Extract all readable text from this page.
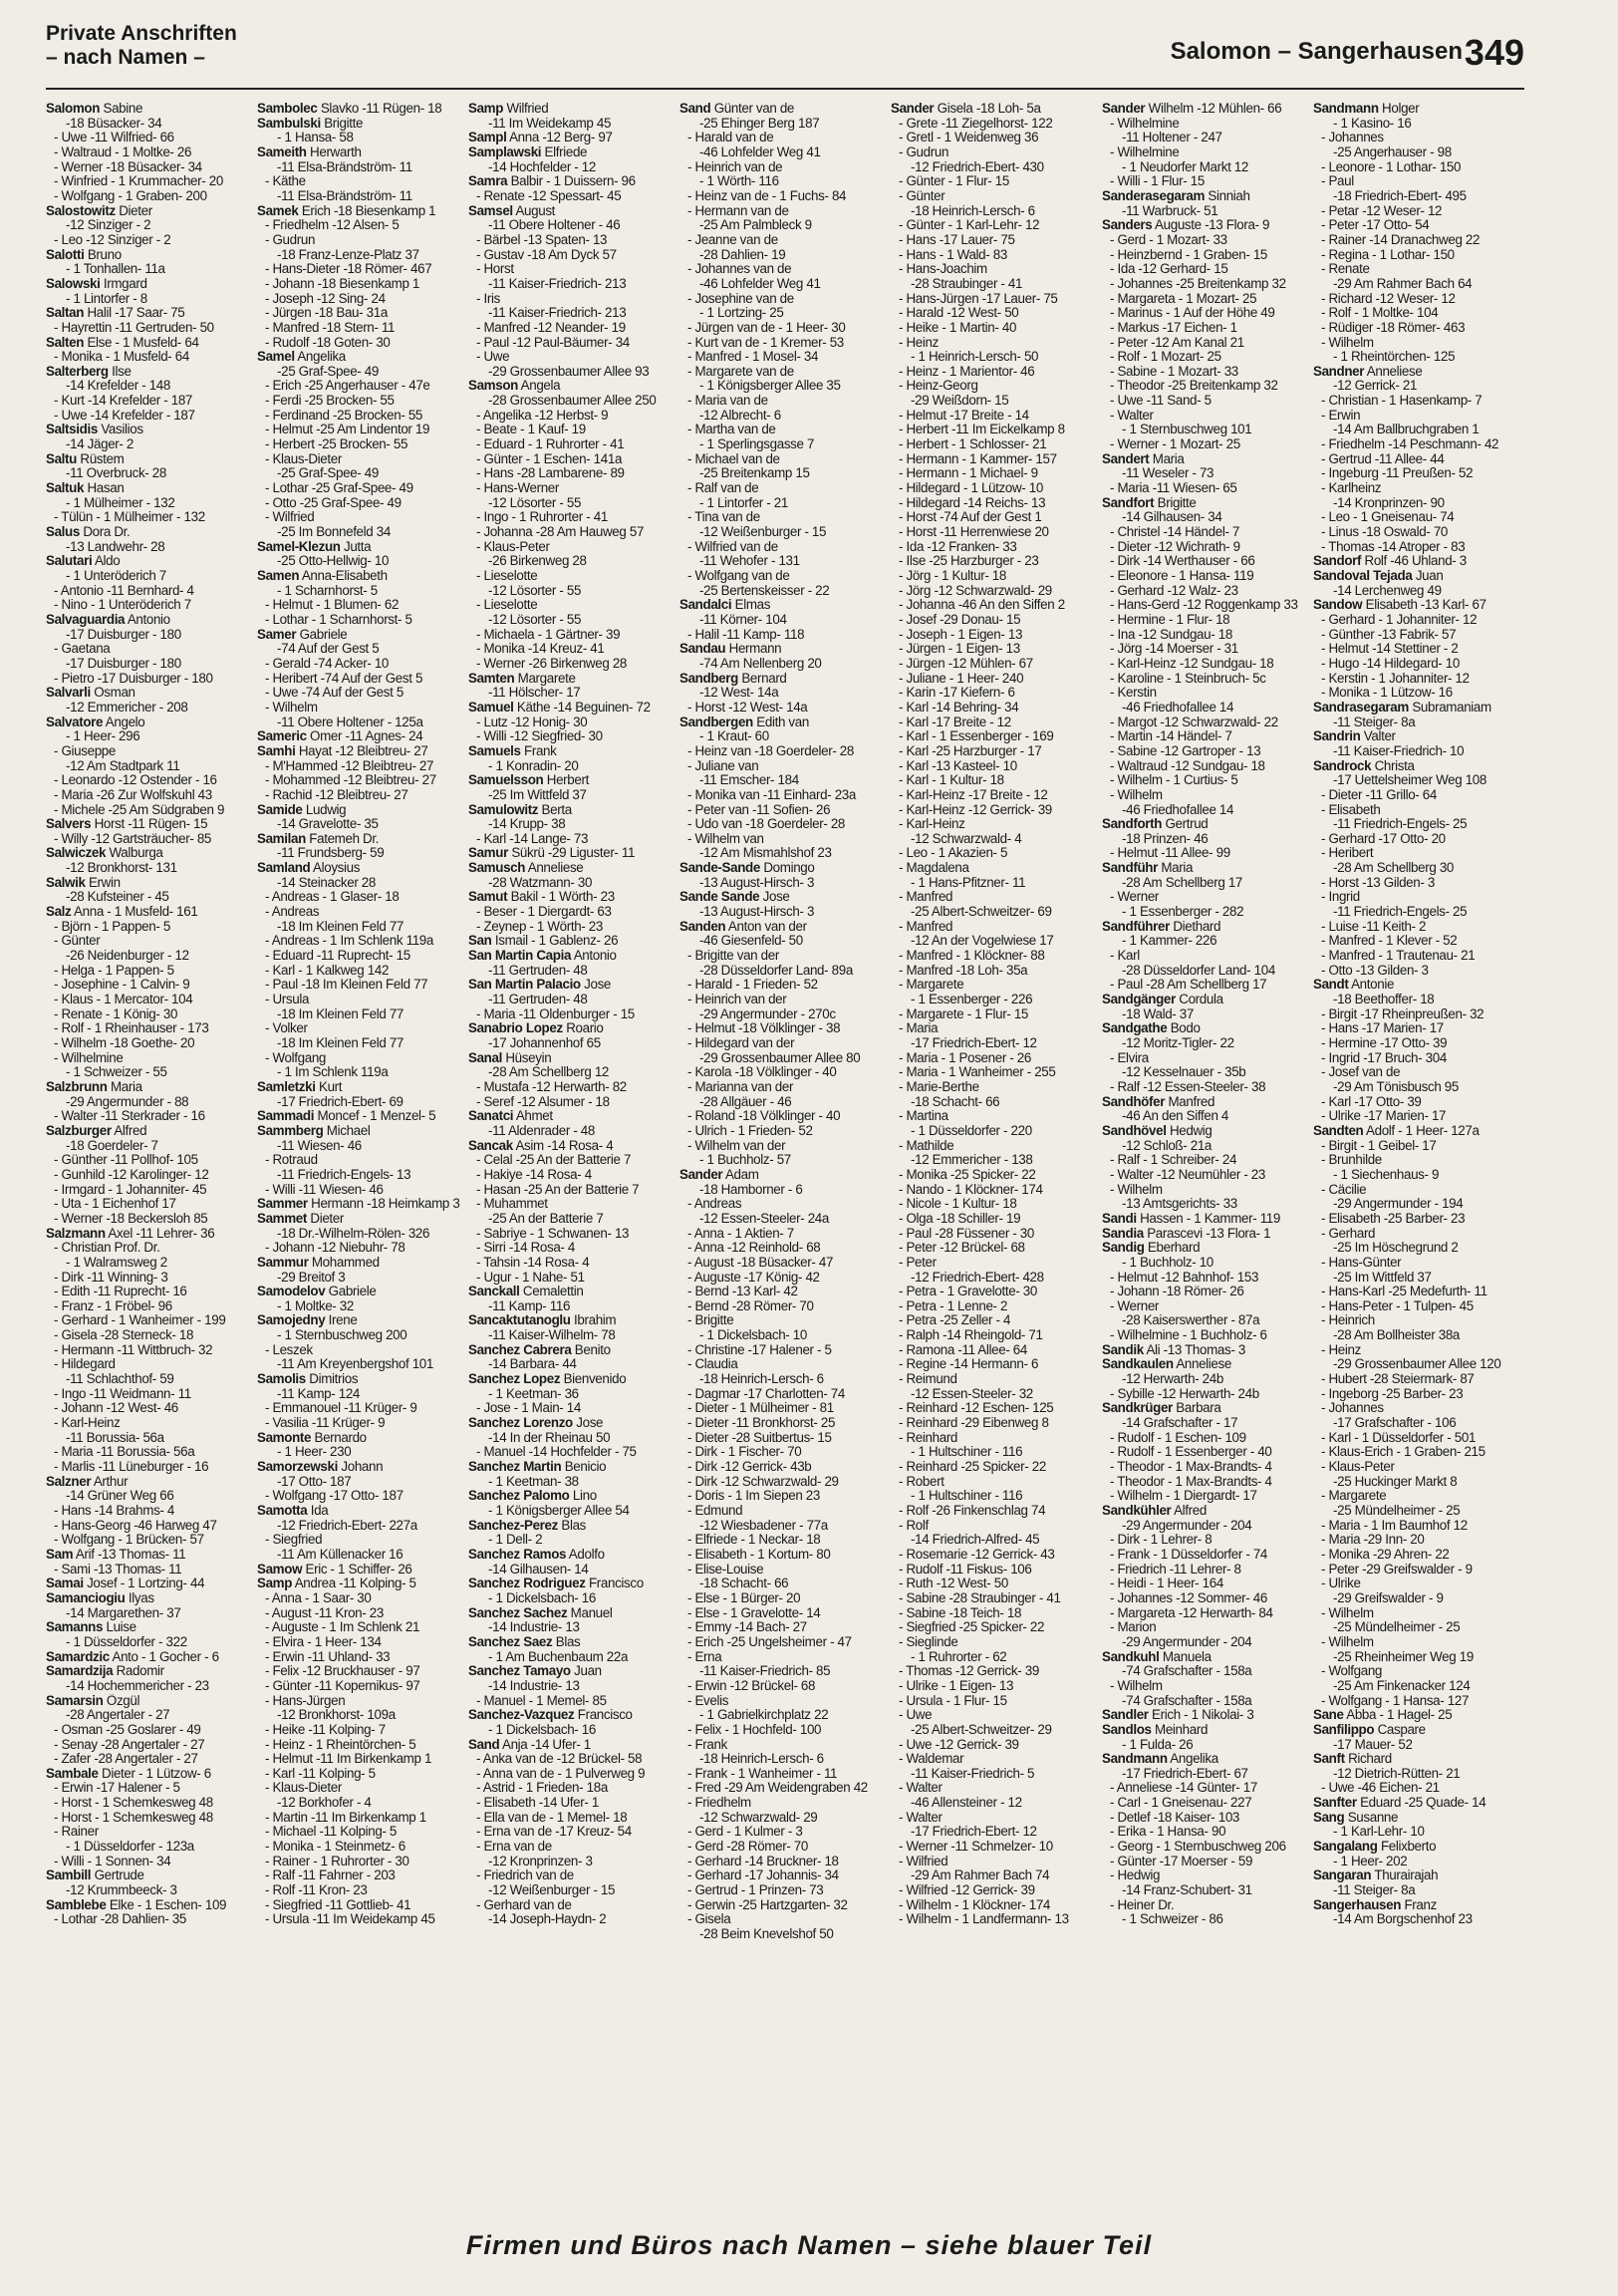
Private Anschriften
– nach Namen –	Salomon – Sangerhausen 349
Salomon Sabine
-18 Büsacker- 34
- Uwe -11 Wilfried- 66
- Waltraud - 1 Moltke- 26
- Werner -18 Büsacker- 34
- Winfried - 1 Krummacher- 20
- Wolfgang - 1 Graben- 200
Salostowitz Dieter
-12 Sinziger - 2
- Leo -12 Sinziger - 2
Salotti Bruno
- 1 Tonhallen- 11a
Salowski Irmgard
- 1 Lintorfer - 8
Saltan Halil -17 Saar- 75
- Hayrettin -11 Gertruden- 50
Salten Else - 1 Musfeld- 64
- Monika - 1 Musfeld- 64
Salterberg Ilse
-14 Krefelder - 148
- Kurt -14 Krefelder - 187
- Uwe -14 Krefelder - 187
Saltsidis Vasilios
-14 Jäger- 2
Saltu Rüstem
-11 Overbruck- 28
Saltuk Hasan
- 1 Mülheimer - 132
- Tülün - 1 Mülheimer - 132
Salus Dora Dr.
-13 Landwehr- 28
Salutari Aldo
- 1 Unteröderich 7
- Antonio -11 Bernhard- 4
- Nino - 1 Unteröderich 7
Salvaguardia Antonio
-17 Duisburger - 180
- Gaetana
-17 Duisburger - 180
- Pietro -17 Duisburger - 180
Salvarli Osman
-12 Emmericher - 208
Salvatore Angelo
- 1 Heer- 296
- Giuseppe
-12 Am Stadtpark 11
- Leonardo -12 Ostender - 16
- Maria -26 Zur Wolfskuhl 43
- Michele -25 Am Südgraben 9
Salvers Horst -11 Rügen- 15
- Willy -12 Gartsträucher- 85
Salwiczek Walburga
-12 Bronkhorst- 131
Salwik Erwin
-28 Kufsteiner - 45
Salz Anna - 1 Musfeld- 161
- Björn - 1 Pappen- 5
- Günter
-26 Neidenburger - 12
- Helga - 1 Pappen- 5
- Josephine - 1 Calvin- 9
- Klaus - 1 Mercator- 104
- Renate - 1 König- 30
- Rolf - 1 Rheinhauser - 173
- Wilhelm -18 Goethe- 20
- Wilhelmine
- 1 Schweizer - 55
Salzbrunn Maria
-29 Angermunder - 88
- Walter -11 Sterkrader - 16
Salzburger Alfred
-18 Goerdeler- 7
- Günther -11 Pollhof- 105
- Gunhild -12 Karolinger- 12
- Irmgard - 1 Johanniter- 45
- Uta - 1 Eichenhof 17
- Werner -18 Beckersloh 85
Salzmann Axel -11 Lehrer- 36
- Christian Prof. Dr.
- 1 Walramsweg 2
- Dirk -11 Winning- 3
- Edith -11 Ruprecht- 16
- Franz - 1 Fröbel- 96
- Gerhard - 1 Wanheimer - 199
- Gisela -28 Sterneck- 18
- Hermann -11 Wittbruch- 32
- Hildegard
-11 Schlachthof- 59
- Ingo -11 Weidmann- 11
- Johann -12 West- 46
- Karl-Heinz
-11 Borussia- 56a
- Maria -11 Borussia- 56a
- Marlis -11 Lüneburger - 16
Salzner Arthur
-14 Grüner Weg 66
- Hans -14 Brahms- 4
- Hans-Georg -46 Harweg 47
- Wolfgang - 1 Brücken- 57
Sam Arif -13 Thomas- 11
- Sami -13 Thomas- 11
Samai Josef - 1 Lortzing- 44
Samanciogiu Ilyas
-14 Margarethen- 37
Samanns Luise
- 1 Düsseldorfer - 322
Samardzic Anto - 1 Gocher - 6
Samardzija Radomir
-14 Hochemmericher - 23
Samarsin Özgül
-28 Angertaler - 27
- Osman -25 Goslarer - 49
- Senay -28 Angertaler - 27
- Zafer -28 Angertaler - 27
Sambale Dieter - 1 Lützow- 6
- Erwin -17 Halener - 5
- Horst - 1 Schemkesweg 48
- Horst - 1 Schemkesweg 48
- Rainer
- 1 Düsseldorfer - 123a
- Willi - 1 Sonnen- 34
Sambill Gertrude
-12 Krummbeeck- 3
Samblebe Elke - 1 Eschen- 109
- Lothar -28 Dahlien- 35
Sambolec Slavko -11 Rügen- 18
Sambulski Brigitte
- 1 Hansa- 58
Sameith Herwarth
-11 Elsa-Brändström- 11
- Käthe
-11 Elsa-Brändström- 11
Samek Erich -18 Biesenkamp 1
- Friedhelm -12 Alsen- 5
- Gudrun
-18 Franz-Lenze-Platz 37
- Hans-Dieter -18 Römer- 467
- Johann -18 Biesenkamp 1
- Joseph -12 Sing- 24
- Jürgen -18 Bau- 31a
- Manfred -18 Stern- 11
- Rudolf -18 Goten- 30
Samel Angelika
-25 Graf-Spee- 49
- Erich -25 Angerhauser - 47e
- Ferdi -25 Brocken- 55
- Ferdinand -25 Brocken- 55
- Helmut -25 Am Lindentor 19
- Herbert -25 Brocken- 55
- Klaus-Dieter
-25 Graf-Spee- 49
- Lothar -25 Graf-Spee- 49
- Otto -25 Graf-Spee- 49
- Wilfried
-25 Im Bonnefeld 34
Samel-Klezun Jutta
-25 Otto-Hellwig- 10
Samen Anna-Elisabeth
- 1 Scharnhorst- 5
- Helmut - 1 Blumen- 62
- Lothar - 1 Scharnhorst- 5
Samer Gabriele
-74 Auf der Gest 5
- Gerald -74 Acker- 10
- Heribert -74 Auf der Gest 5
- Uwe -74 Auf der Gest 5
- Wilhelm
-11 Obere Holtener - 125a
Sameric Omer -11 Agnes- 24
Samhi Hayat -12 Bleibtreu- 27
- M'Hammed -12 Bleibtreu- 27
- Mohammed -12 Bleibtreu- 27
- Rachid -12 Bleibtreu- 27
Samide Ludwig
-14 Gravelotte- 35
Samilan Fatemeh Dr.
-11 Frundsberg- 59
Samland Aloysius
-14 Steinacker 28
- Andreas - 1 Glaser- 18
- Andreas
-18 Im Kleinen Feld 77
- Andreas - 1 Im Schlenk 119a
- Eduard -11 Ruprecht- 15
- Karl - 1 Kalkweg 142
- Paul -18 Im Kleinen Feld 77
- Ursula
-18 Im Kleinen Feld 77
- Volker
-18 Im Kleinen Feld 77
- Wolfgang
- 1 Im Schlenk 119a
Samletzki Kurt
-17 Friedrich-Ebert- 69
Sammadi Moncef - 1 Menzel- 5
Sammberg Michael
-11 Wiesen- 46
- Rotraud
-11 Friedrich-Engels- 13
- Willi -11 Wiesen- 46
Sammer Hermann -18 Heimkamp 3
Sammet Dieter
-18 Dr.-Wilhelm-Rölen- 326
- Johann -12 Niebuhr- 78
Sammur Mohammed
-29 Breitof 3
Samodelov Gabriele
- 1 Moltke- 32
Samojedny Irene
- 1 Sternbuschweg 200
- Leszek
-11 Am Kreyenbergshof 101
Samolis Dimitrios
-11 Kamp- 124
- Emmanouel -11 Krüger- 9
- Vasilia -11 Krüger- 9
Samonte Bernardo
- 1 Heer- 230
Samorzewski Johann
-17 Otto- 187
- Wolfgang -17 Otto- 187
Samotta Ida
-12 Friedrich-Ebert- 227a
- Siegfried
-11 Am Küllenacker 16
Samow Eric - 1 Schiffer- 26
Samp Andrea -11 Kolping- 5
- Anna - 1 Saar- 30
- August -11 Kron- 23
- Auguste - 1 Im Schlenk 21
- Elvira - 1 Heer- 134
- Erwin -11 Uhland- 33
- Felix -12 Bruckhauser - 97
- Günter -11 Kopernikus- 97
- Hans-Jürgen
-12 Bronkhorst- 109a
- Heike -11 Kolping- 7
- Heinz - 1 Rheintörchen- 5
- Helmut -11 Im Birkenkamp 1
- Karl -11 Kolping- 5
- Klaus-Dieter
-12 Borkhofer - 4
- Martin -11 Im Birkenkamp 1
- Michael -11 Kolping- 5
- Monika - 1 Steinmetz- 6
- Rainer - 1 Ruhrorter - 30
- Ralf -11 Fahrner - 203
- Rolf -11 Kron- 23
- Siegfried -11 Gottlieb- 41
- Ursula -11 Im Weidekamp 45
Samp Wilfried
-11 Im Weidekamp 45
Sampl Anna -12 Berg- 97
Samplawski Elfriede
-14 Hochfelder - 12
Samra Balbir - 1 Duissern- 96
- Renate -12 Spessart- 45
Samsel August
-11 Obere Holtener - 46
- Bärbel -13 Spaten- 13
- Gustav -18 Am Dyck 57
- Horst
-11 Kaiser-Friedrich- 213
- Iris
-11 Kaiser-Friedrich- 213
- Manfred -12 Neander- 19
- Paul -12 Paul-Bäumer- 34
- Uwe
-29 Grossenbaumer Allee 93
Samson Angela
-28 Grossenbaumer Allee 250
- Angelika -12 Herbst- 9
- Beate - 1 Kauf- 19
- Eduard - 1 Ruhrorter - 41
- Günter - 1 Eschen- 141a
- Hans -28 Lambarene- 89
- Hans-Werner
-12 Lösorter - 55
- Ingo - 1 Ruhrorter - 41
- Johanna -28 Am Hauweg 57
- Klaus-Peter
-26 Birkenweg 28
- Lieselotte
-12 Lösorter - 55
- Lieselotte
-12 Lösorter - 55
- Michaela - 1 Gärtner- 39
- Monika -14 Kreuz- 41
- Werner -26 Birkenweg 28
Samten Margarete
-11 Hölscher- 17
Samuel Käthe -14 Beguinen- 72
- Lutz -12 Honig- 30
- Willi -12 Siegfried- 30
Samuels Frank
- 1 Konradin- 20
Samuelsson Herbert
-25 Im Wittfeld 37
Samulowitz Berta
-14 Krupp- 38
- Karl -14 Lange- 73
Samur Sükrü -29 Liguster- 11
Samusch Anneliese
-28 Watzmann- 30
Samut Bakil - 1 Wörth- 23
- Beser - 1 Diergardt- 63
- Zeynep - 1 Wörth- 23
San Ismail - 1 Gablenz- 26
San Martin Capia Antonio
-11 Gertruden- 48
San Martin Palacio Jose
-11 Gertruden- 48
- Maria -11 Oldenburger - 15
Sanabrio Lopez Roario
-17 Johannenhof 65
Sanal Hüseyin
-28 Am Schellberg 12
- Mustafa -12 Herwarth- 82
- Seref -12 Alsumer - 18
Sanatci Ahmet
-11 Aldenrader - 48
Sancak Asim -14 Rosa- 4
- Celal -25 An der Batterie 7
- Hakiye -14 Rosa- 4
- Hasan -25 An der Batterie 7
- Muhammet
-25 An der Batterie 7
- Sabriye - 1 Schwanen- 13
- Sirri -14 Rosa- 4
- Tahsin -14 Rosa- 4
- Ugur - 1 Nahe- 51
Sanckall Cemalettin
-11 Kamp- 116
Sancaktutanoglu Ibrahim
-11 Kaiser-Wilhelm- 78
Sanchez Cabrera Benito
-14 Barbara- 44
Sanchez Lopez Bienvenido
- 1 Keetman- 36
- Jose - 1 Main- 14
Sanchez Lorenzo Jose
-14 In der Rheinau 50
- Manuel -14 Hochfelder - 75
Sanchez Martin Benicio
- 1 Keetman- 38
Sanchez Palomo Lino
- 1 Königsberger Allee 54
Sanchez-Perez Blas
- 1 Dell- 2
Sanchez Ramos Adolfo
-14 Gilhausen- 14
Sanchez Rodriguez Francisco
- 1 Dickelsbach- 16
Sanchez Sachez Manuel
-14 Industrie- 13
Sanchez Saez Blas
- 1 Am Buchenbaum 22a
Sanchez Tamayo Juan
-14 Industrie- 13
- Manuel - 1 Memel- 85
Sanchez-Vazquez Francisco
- 1 Dickelsbach- 16
Sand Anja -14 Ufer- 1
- Anka van de -12 Brückel- 58
- Anna van de - 1 Pulverweg 9
- Astrid - 1 Frieden- 18a
- Elisabeth -14 Ufer- 1
- Ella van de - 1 Memel- 18
- Erna van de -17 Kreuz- 54
- Erna van de
-12 Kronprinzen- 3
- Friedrich van de
-12 Weißenburger - 15
- Gerhard van de
-14 Joseph-Haydn- 2
Sand Günter van de
-25 Ehinger Berg 187
- Harald van de
-46 Lohfelder Weg 41
- Heinrich van de
- 1 Wörth- 116
- Heinz van de - 1 Fuchs- 84
- Hermann van de
-25 Am Palmbleck 9
- Jeanne van de
-28 Dahlien- 19
- Johannes van de
-46 Lohfelder Weg 41
- Josephine van de
- 1 Lortzing- 25
- Jürgen van de - 1 Heer- 30
- Kurt van de - 1 Kremer- 53
- Manfred - 1 Mosel- 34
- Margarete van de
- 1 Königsberger Allee 35
- Maria van de
-12 Albrecht- 6
- Martha van de
- 1 Sperlingsgasse 7
- Michael van de
-25 Breitenkamp 15
- Ralf van de
- 1 Lintorfer - 21
- Tina van de
-12 Weißenburger - 15
- Wilfried van de
-11 Wehofer - 131
- Wolfgang van de
-25 Bertenskeisser - 22
Sandalci Elmas
-11 Körner- 104
- Halil -11 Kamp- 118
Sandau Hermann
-74 Am Nellenberg 20
Sandberg Bernard
-12 West- 14a
- Horst -12 West- 14a
Sandbergen Edith van
- 1 Kraut- 60
- Heinz van -18 Goerdeler- 28
- Juliane van
-11 Emscher- 184
- Monika van -11 Einhard- 23a
- Peter van -11 Sofien- 26
- Udo van -18 Goerdeler- 28
- Wilhelm van
-12 Am Mismahlshof 23
Sande-Sande Domingo
-13 August-Hirsch- 3
Sande Sande Jose
-13 August-Hirsch- 3
Sanden Anton van der
-46 Giesenfeld- 50
- Brigitte van der
-28 Düsseldorfer Land- 89a
- Harald - 1 Frieden- 52
- Heinrich van der
-29 Angermunder - 270c
- Helmut -18 Völklinger - 38
- Hildegard van der
-29 Grossenbaumer Allee 80
- Karola -18 Völklinger - 40
- Marianna van der
-28 Allgäuer - 46
- Roland -18 Völklinger - 40
- Ulrich - 1 Frieden- 52
- Wilhelm van der
- 1 Buchholz- 57
Sander Adam
-18 Hamborner - 6
- Andreas
-12 Essen-Steeler- 24a
- Anna - 1 Aktien- 7
- Anna -12 Reinhold- 68
- August -18 Büsacker- 47
- Auguste -17 König- 42
- Bernd -13 Karl- 42
- Bernd -28 Römer- 70
- Brigitte
- 1 Dickelsbach- 10
- Christine -17 Halener - 5
- Claudia
-18 Heinrich-Lersch- 6
- Dagmar -17 Charlotten- 74
- Dieter - 1 Mülheimer - 81
- Dieter -11 Bronkhorst- 25
- Dieter -28 Suitbertus- 15
- Dirk - 1 Fischer- 70
- Dirk -12 Gerrick- 43b
- Dirk -12 Schwarzwald- 29
- Doris - 1 Im Siepen 23
- Edmund
-12 Wiesbadener - 77a
- Elfriede - 1 Neckar- 18
- Elisabeth - 1 Kortum- 80
- Elise-Louise
-18 Schacht- 66
- Else - 1 Bürger- 20
- Else - 1 Gravelotte- 14
- Emmy -14 Bach- 27
- Erich -25 Ungelsheimer - 47
- Erna
-11 Kaiser-Friedrich- 85
- Erwin -12 Brückel- 68
- Evelis
- 1 Gabrielkirchplatz 22
- Felix - 1 Hochfeld- 100
- Frank
-18 Heinrich-Lersch- 6
- Frank - 1 Wanheimer - 11
- Fred -29 Am Weidengraben 42
- Friedhelm
-12 Schwarzwald- 29
- Gerd - 1 Kulmer - 3
- Gerd -28 Römer- 70
- Gerhard -14 Bruckner- 18
- Gerhard -17 Johannis- 34
- Gertrud - 1 Prinzen- 73
- Gerwin -25 Hartzgarten- 32
- Gisela
-28 Beim Knevelshof 50
Sander Gisela -18 Loh- 5a
- Grete -11 Ziegelhorst- 122
- Gretl - 1 Weidenweg 36
- Gudrun
-12 Friedrich-Ebert- 430
- Günter - 1 Flur- 15
- Günter
-18 Heinrich-Lersch- 6
- Günter - 1 Karl-Lehr- 12
- Hans -17 Lauer- 75
- Hans - 1 Wald- 83
- Hans-Joachim
-28 Straubinger - 41
- Hans-Jürgen -17 Lauer- 75
- Harald -12 West- 50
- Heike - 1 Martin- 40
- Heinz
- 1 Heinrich-Lersch- 50
- Heinz - 1 Marientor- 46
- Heinz-Georg
-29 Weißdorn- 15
- Helmut -17 Breite - 14
- Herbert -11 Im Eickelkamp 8
- Herbert - 1 Schlosser- 21
- Hermann - 1 Kammer- 157
- Hermann - 1 Michael- 9
- Hildegard - 1 Lützow- 10
- Hildegard -14 Reichs- 13
- Horst -74 Auf der Gest 1
- Horst -11 Herrenwiese 20
- Ida -12 Franken- 33
- Ilse -25 Harzburger - 23
- Jörg - 1 Kultur- 18
- Jörg -12 Schwarzwald- 29
- Johanna -46 An den Siffen 2
- Josef -29 Donau- 15
- Joseph - 1 Eigen- 13
- Jürgen - 1 Eigen- 13
- Jürgen -12 Mühlen- 67
- Juliane - 1 Heer- 240
- Karin -17 Kiefern- 6
- Karl -14 Behring- 34
- Karl -17 Breite - 12
- Karl - 1 Essenberger - 169
- Karl -25 Harzburger - 17
- Karl -13 Kasteel- 10
- Karl - 1 Kultur- 18
- Karl-Heinz -17 Breite - 12
- Karl-Heinz -12 Gerrick- 39
- Karl-Heinz
-12 Schwarzwald- 4
- Leo - 1 Akazien- 5
- Magdalena
- 1 Hans-Pfitzner- 11
- Manfred
-25 Albert-Schweitzer- 69
- Manfred
-12 An der Vogelwiese 17
- Manfred - 1 Klöckner- 88
- Manfred -18 Loh- 35a
- Margarete
- 1 Essenberger - 226
- Margarete - 1 Flur- 15
- Maria
-17 Friedrich-Ebert- 12
- Maria - 1 Posener - 26
- Maria - 1 Wanheimer - 255
- Marie-Berthe
-18 Schacht- 66
- Martina
- 1 Düsseldorfer - 220
- Mathilde
-12 Emmericher - 138
- Monika -25 Spicker- 22
- Nando - 1 Klöckner- 174
- Nicole - 1 Kultur- 18
- Olga -18 Schiller- 19
- Paul -28 Füssener - 30
- Peter -12 Brückel- 68
- Peter
-12 Friedrich-Ebert- 428
- Petra - 1 Gravelotte- 30
- Petra - 1 Lenne- 2
- Petra -25 Zeller - 4
- Ralph -14 Rheingold- 71
- Ramona -11 Allee- 64
- Regine -14 Hermann- 6
- Reimund
-12 Essen-Steeler- 32
- Reinhard -12 Eschen- 125
- Reinhard -29 Eibenweg 8
- Reinhard
- 1 Hultschiner - 116
- Reinhard -25 Spicker- 22
- Robert
- 1 Hultschiner - 116
- Rolf -26 Finkenschlag 74
- Rolf
-14 Friedrich-Alfred- 45
- Rosemarie -12 Gerrick- 43
- Rudolf -11 Fiskus- 106
- Ruth -12 West- 50
- Sabine -28 Straubinger - 41
- Sabine -18 Teich- 18
- Siegfried -25 Spicker- 22
- Sieglinde
- 1 Ruhrorter - 62
- Thomas -12 Gerrick- 39
- Ulrike - 1 Eigen- 13
- Ursula - 1 Flur- 15
- Uwe
-25 Albert-Schweitzer- 29
- Uwe -12 Gerrick- 39
- Waldemar
-11 Kaiser-Friedrich- 5
- Walter
-46 Allensteiner - 12
- Walter
-17 Friedrich-Ebert- 12
- Werner -11 Schmelzer- 10
- Wilfried
-29 Am Rahmer Bach 74
- Wilfried -12 Gerrick- 39
- Wilhelm - 1 Klöckner- 174
- Wilhelm - 1 Landfermann- 13
Sander Wilhelm -12 Mühlen- 66
- Wilhelmine
-11 Holtener - 247
- Wilhelmine
- 1 Neudorfer Markt 12
- Willi - 1 Flur- 15
Sanderasegaram Sinniah
-11 Warbruck- 51
Sanders Auguste -13 Flora- 9
- Gerd - 1 Mozart- 33
- Heinzbernd - 1 Graben- 15
- Ida -12 Gerhard- 15
- Johannes -25 Breitenkamp 32
- Margareta - 1 Mozart- 25
- Marinus - 1 Auf der Höhe 49
- Markus -17 Eichen- 1
- Peter -12 Am Kanal 21
- Rolf - 1 Mozart- 25
- Sabine - 1 Mozart- 33
- Theodor -25 Breitenkamp 32
- Uwe -11 Sand- 5
- Walter
- 1 Sternbuschweg 101
- Werner - 1 Mozart- 25
Sandert Maria
-11 Weseler - 73
- Maria -11 Wiesen- 65
Sandfort Brigitte
-14 Gilhausen- 34
- Christel -14 Händel- 7
- Dieter -12 Wichrath- 9
- Dirk -14 Werthauser - 66
- Eleonore - 1 Hansa- 119
- Gerhard -12 Walz- 23
- Hans-Gerd -12 Roggenkamp 33
- Hermine - 1 Flur- 18
- Ina -12 Sundgau- 18
- Jörg -14 Moerser - 31
- Karl-Heinz -12 Sundgau- 18
- Karoline - 1 Steinbruch- 5c
- Kerstin
-46 Friedhofallee 14
- Margot -12 Schwarzwald- 22
- Martin -14 Händel- 7
- Sabine -12 Gartroper - 13
- Waltraud -12 Sundgau- 18
- Wilhelm - 1 Curtius- 5
- Wilhelm
-46 Friedhofallee 14
Sandforth Gertrud
-18 Prinzen- 46
- Helmut -11 Allee- 99
Sandführ Maria
-28 Am Schellberg 17
- Werner
- 1 Essenberger - 282
Sandführer Diethard
- 1 Kammer- 226
- Karl
-28 Düsseldorfer Land- 104
- Paul -28 Am Schellberg 17
Sandgänger Cordula
-18 Wald- 37
Sandgathe Bodo
-12 Moritz-Tigler- 22
- Elvira
-12 Kesselnauer - 35b
- Ralf -12 Essen-Steeler- 38
Sandhöfer Manfred
-46 An den Siffen 4
Sandhövel Hedwig
-12 Schloß- 21a
- Ralf - 1 Schreiber- 24
- Walter -12 Neumühler - 23
- Wilhelm
-13 Amtsgerichts- 33
Sandi Hassen - 1 Kammer- 119
Sandia Parascevi -13 Flora- 1
Sandig Eberhard
- 1 Buchholz- 10
- Helmut -12 Bahnhof- 153
- Johann -18 Römer- 26
- Werner
-28 Kaiserswerther - 87a
- Wilhelmine - 1 Buchholz- 6
Sandik Ali -13 Thomas- 3
Sandkaulen Anneliese
-12 Herwarth- 24b
- Sybille -12 Herwarth- 24b
Sandkrüger Barbara
-14 Grafschafter - 17
- Rudolf - 1 Eschen- 109
- Rudolf - 1 Essenberger - 40
- Theodor - 1 Max-Brandts- 4
- Theodor - 1 Max-Brandts- 4
- Wilhelm - 1 Diergardt- 17
Sandkühler Alfred
-29 Angermunder - 204
- Dirk - 1 Lehrer- 8
- Frank - 1 Düsseldorfer - 74
- Friedrich -11 Lehrer- 8
- Heidi - 1 Heer- 164
- Johannes -12 Sommer- 46
- Margareta -12 Herwarth- 84
- Marion
-29 Angermunder - 204
Sandkuhl Manuela
-74 Grafschafter - 158a
- Wilhelm
-74 Grafschafter - 158a
Sandler Erich - 1 Nikolai- 3
Sandlos Meinhard
- 1 Fulda- 26
Sandmann Angelika
-17 Friedrich-Ebert- 67
- Anneliese -14 Günter- 17
- Carl - 1 Gneisenau- 227
- Detlef -18 Kaiser- 103
- Erika - 1 Hansa- 90
- Georg - 1 Sternbuschweg 206
- Günter -17 Moerser - 59
- Hedwig
-14 Franz-Schubert- 31
- Heiner Dr.
- 1 Schweizer - 86
Sandmann Holger
- 1 Kasino- 16
- Johannes
-25 Angerhauser - 98
- Leonore - 1 Lothar- 150
- Paul
-18 Friedrich-Ebert- 495
- Petar -12 Weser- 12
- Peter -17 Otto- 54
- Rainer -14 Dranachweg 22
- Regina - 1 Lothar- 150
- Renate
-29 Am Rahmer Bach 64
- Richard -12 Weser- 12
- Rolf - 1 Moltke- 104
- Rüdiger -18 Römer- 463
- Wilhelm
- 1 Rheintörchen- 125
Sandner Anneliese
-12 Gerrick- 21
- Christian - 1 Hasenkamp- 7
- Erwin
-14 Am Ballbruchgraben 1
- Friedhelm -14 Peschmann- 42
- Gertrud -11 Allee- 44
- Ingeburg -11 Preußen- 52
- Karlheinz
-14 Kronprinzen- 90
- Leo - 1 Gneisenau- 74
- Linus -18 Oswald- 70
- Thomas -14 Atroper - 83
Sandorf Rolf -46 Uhland- 3
Sandoval Tejada Juan
-14 Lerchenweg 49
Sandow Elisabeth -13 Karl- 67
- Gerhard - 1 Johanniter- 12
- Günther -13 Fabrik- 57
- Helmut -14 Stettiner - 2
- Hugo -14 Hildegard- 10
- Kerstin - 1 Johanniter- 12
- Monika - 1 Lützow- 16
Sandrasegaram Subramaniam
-11 Steiger- 8a
Sandrin Valter
-11 Kaiser-Friedrich- 10
Sandrock Christa
-17 Uettelsheimer Weg 108
- Dieter -11 Grillo- 64
- Elisabeth
-11 Friedrich-Engels- 25
- Gerhard -17 Otto- 20
- Heribert
-28 Am Schellberg 30
- Horst -13 Gilden- 3
- Ingrid
-11 Friedrich-Engels- 25
- Luise -11 Keith- 2
- Manfred - 1 Klever - 52
- Manfred - 1 Trautenau- 21
- Otto -13 Gilden- 3
Sandt Antonie
-18 Beethoffer- 18
- Birgit -17 Rheinpreußen- 32
- Hans -17 Marien- 17
- Hermine -17 Otto- 39
- Ingrid -17 Bruch- 304
- Josef van de
-29 Am Tönisbusch 95
- Karl -17 Otto- 39
- Ulrike -17 Marien- 17
Sandten Adolf - 1 Heer- 127a
- Birgit - 1 Geibel- 17
- Brunhilde
- 1 Siechenhaus- 9
- Cäcilie
-29 Angermunder - 194
- Elisabeth -25 Barber- 23
- Gerhard
-25 Im Höschegrund 2
- Hans-Günter
-25 Im Wittfeld 37
- Hans-Karl -25 Medefurth- 11
- Hans-Peter - 1 Tulpen- 45
- Heinrich
-28 Am Bollheister 38a
- Heinz
-29 Grossenbaumer Allee 120
- Hubert -28 Steiermark- 87
- Ingeborg -25 Barber- 23
- Johannes
-17 Grafschafter - 106
- Karl - 1 Düsseldorfer - 501
- Klaus-Erich - 1 Graben- 215
- Klaus-Peter
-25 Huckinger Markt 8
- Margarete
-25 Mündelheimer - 25
- Maria - 1 Im Baumhof 12
- Maria -29 Inn- 20
- Monika -29 Ahren- 22
- Peter -29 Greifswalder - 9
- Ulrike
-29 Greifswalder - 9
- Wilhelm
-25 Mündelheimer - 25
- Wilhelm
-25 Rheinheimer Weg 19
- Wolfgang
-25 Am Finkenacker 124
- Wolfgang - 1 Hansa- 127
Sane Abba - 1 Hagel- 25
Sanfilippo Caspare
-17 Mauer- 52
Sanft Richard
-12 Dietrich-Rütten- 21
- Uwe -46 Eichen- 21
Sanfter Eduard -25 Quade- 14
Sang Susanne
- 1 Karl-Lehr- 10
Sangalang Felixberto
- 1 Heer- 202
Sangaran Thurairajah
-11 Steiger- 8a
Sangerhausen Franz
-14 Am Borgschenhof 23
Firmen und Büros nach Namen – siehe blauer Teil
